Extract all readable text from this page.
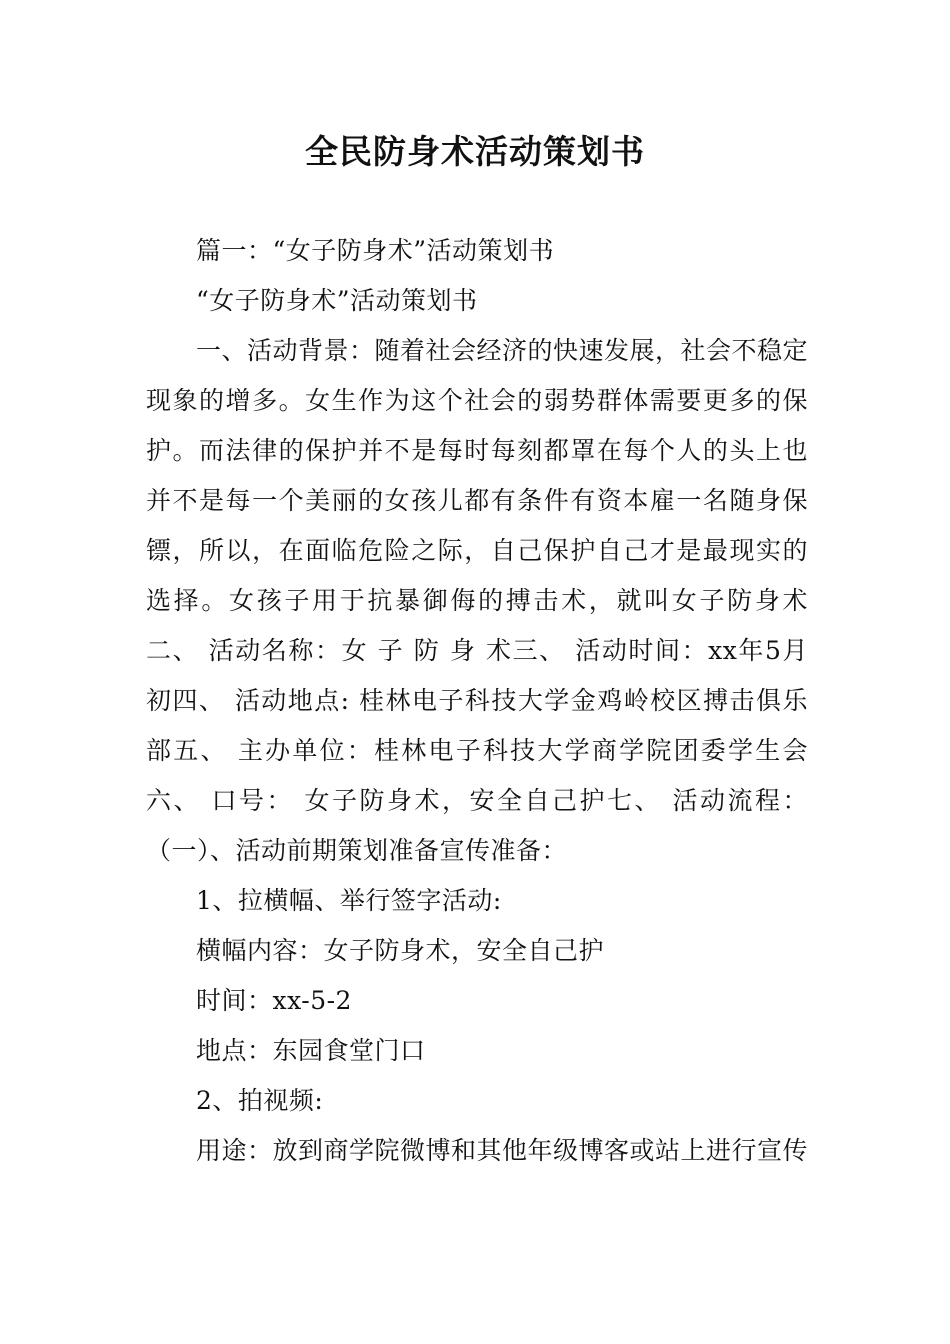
全民防身术活动策划书

篇一：“女子防身术”活动策划书

“女子防身术”活动策划书

一、活动背景：随着社会经济的快速发展，社会不稳定现象的增多。女生作为这个社会的弱势群体需要更多的保护。而法律的保护并不是每时每刻都罩在每个人的头上也并不是每一个美丽的女孩儿都有条件有资本雇一名随身保镖，所以，在面临危险之际，自己保护自己才是最现实的选择。女孩子用于抗暴御侮的搏击术，就叫女子防身术二、 活动名称：女 子 防 身 术三、 活动时间：xx年5月 初四、 活动地点: 桂林电子科技大学金鸡岭校区搏击俱乐部五、 主办单位：桂林电子科技大学商学院团委学生会六、 口号： 女子防身术，安全自己护七、 活动流程：（一）、活动前期策划准备宣传准备：

1、拉横幅、举行签字活动:

横幅内容：女子防身术，安全自己护

时间：xx-5-2

地点：东园食堂门口

2、拍视频:

用途：放到商学院微博和其他年级博客或站上进行宣传
